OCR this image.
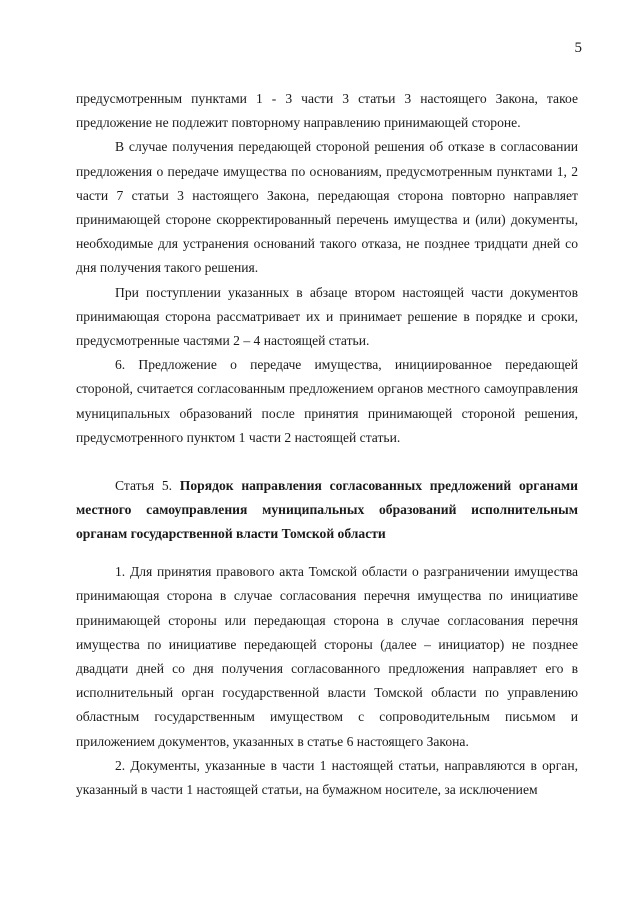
5

предусмотренным пунктами 1 - 3 части 3 статьи 3 настоящего Закона, такое предложение не подлежит повторному направлению принимающей стороне.

В случае получения передающей стороной решения об отказе в согласовании предложения о передаче имущества по основаниям, предусмотренным пунктами 1, 2 части 7 статьи 3 настоящего Закона, передающая сторона повторно направляет принимающей стороне скорректированный перечень имущества и (или) документы, необходимые для устранения оснований такого отказа, не позднее тридцати дней со дня получения такого решения.

При поступлении указанных в абзаце втором настоящей части документов принимающая сторона рассматривает их и принимает решение в порядке и сроки, предусмотренные частями 2 – 4 настоящей статьи.

6. Предложение о передаче имущества, инициированное передающей стороной, считается согласованным предложением органов местного самоуправления муниципальных образований после принятия принимающей стороной решения, предусмотренного пунктом 1 части 2 настоящей статьи.

Статья 5. Порядок направления согласованных предложений органами местного самоуправления муниципальных образований исполнительным органам государственной власти Томской области

1. Для принятия правового акта Томской области о разграничении имущества принимающая сторона в случае согласования перечня имущества по инициативе принимающей стороны или передающая сторона в случае согласования перечня имущества по инициативе передающей стороны (далее – инициатор) не позднее двадцати дней со дня получения согласованного предложения направляет его в исполнительный орган государственной власти Томской области по управлению областным государственным имуществом с сопроводительным письмом и приложением документов, указанных в статье 6 настоящего Закона.

2. Документы, указанные в части 1 настоящей статьи, направляются в орган, указанный в части 1 настоящей статьи, на бумажном носителе, за исключением
